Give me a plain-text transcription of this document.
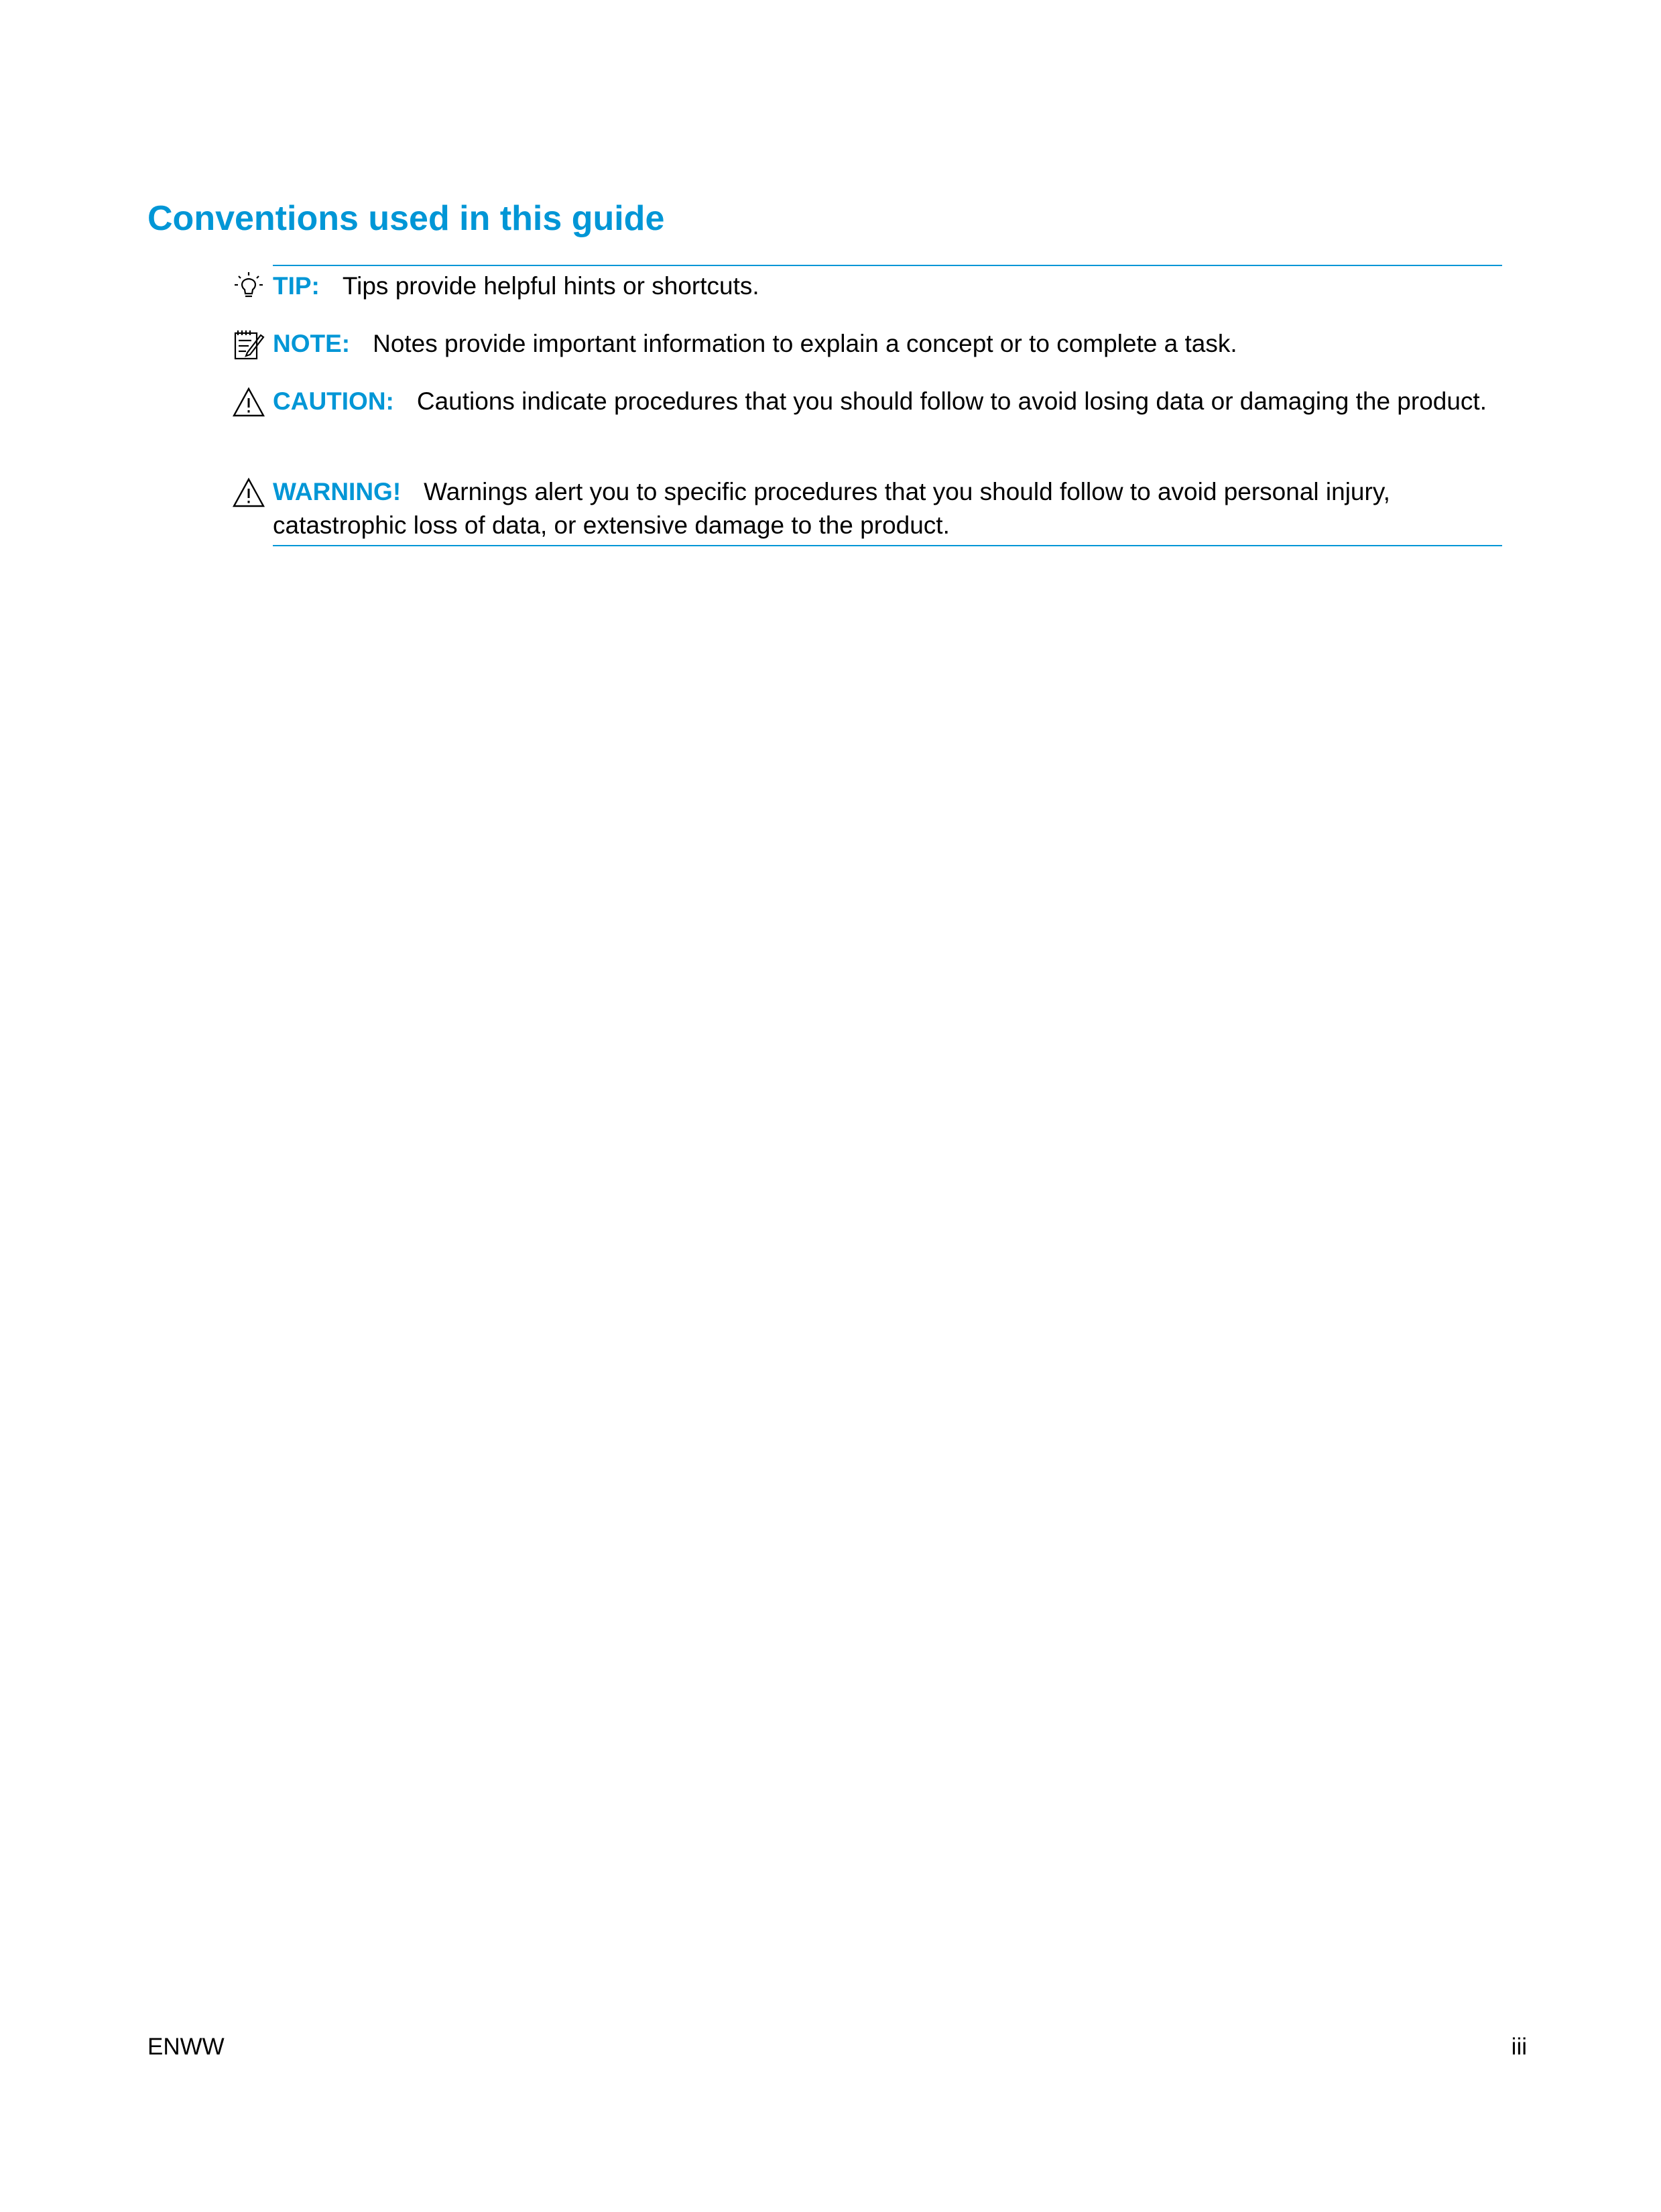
Conventions used in this guide
TIP: Tips provide helpful hints or shortcuts.
NOTE: Notes provide important information to explain a concept or to complete a task.
CAUTION: Cautions indicate procedures that you should follow to avoid losing data or damaging the product.
WARNING! Warnings alert you to specific procedures that you should follow to avoid personal injury, catastrophic loss of data, or extensive damage to the product.
ENWW	iii
